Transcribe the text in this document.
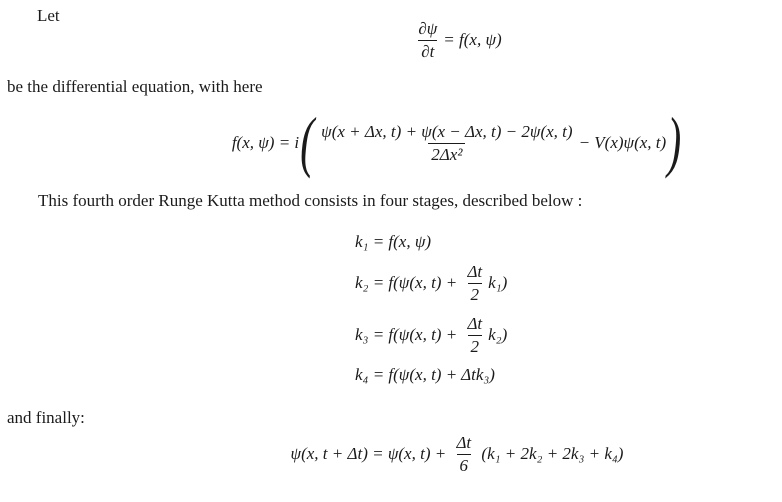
Let
$\frac{\partial\psi}{\partial t} = f(x$, ψ)
be the differential equation, with here
f(x, ψ) = i ( $\frac{\psi(x + \Delta x, t) + \psi(x - \Delta x, t) - 2\psi(x, t)}{\text{2Δx²}} - V(x)\psi(x$, t) )
This fourth order Runge Kutta method consists in four stages, described below :
k₁ = f(x, ψ)
k₂ = f(ψ(x, $t) + \frac{\Delta t}{2} k_1$)
k₃ = f(ψ(x, $t) + \frac{\Delta t}{2} k_2$)
k₄ = f(ψ(x, t) + Δtk₃)
and finally:
ψ(x, t + Δt) = ψ(x, $t) + \frac{\Delta t}{6} (k_1 + 2k_2 + 2k_3 + k_4)$
